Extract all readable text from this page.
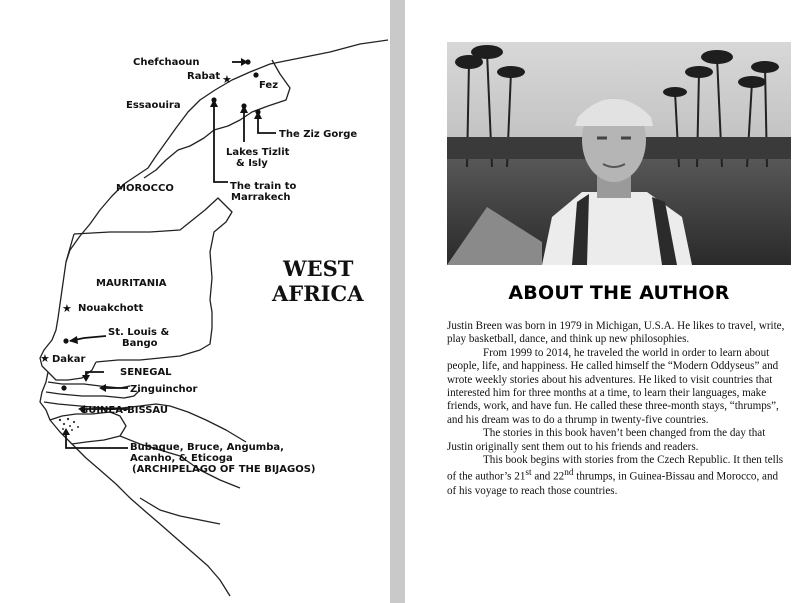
★
★
★
Chefchaoun
Rabat
Fez
Essaouira
The Ziz Gorge
Lakes Tizlit
& Isly
The train to
Marrakech
MOROCCO
MAURITANIA
Nouakchott
St. Louis &
Bango
Dakar
SENEGAL
Zinguinchor
GUINEA-BISSAU
Bubaque, Bruce, Angumba,
Acanho, & Eticoga
(ARCHIPELAGO OF THE BIJAGOS)
WEST
AFRICA	ABOUT THE AUTHOR

Justin Breen was born in 1979 in Michigan, U.S.A. He likes to travel, write, play basketball, dance, and think up new philosophies.

From 1999 to 2014, he traveled the world in order to learn about people, life, and happiness. He called himself the “Modern Oddyseus” and wrote weekly stories about his adventures. He liked to visit countries that interested him for three months at a time, to learn their languages, make friends, work, and have fun. He called these three-month stays, “thrumps”, and his dream was to do a thrump in twenty-five countries.

The stories in this book haven’t been changed from the day that Justin originally sent them out to his friends and readers.

This book begins with stories from the Czech Republic. It then tells of the author’s 21st and 22nd thrumps, in Guinea-Bissau and Morocco, and of his voyage to reach those countries.
